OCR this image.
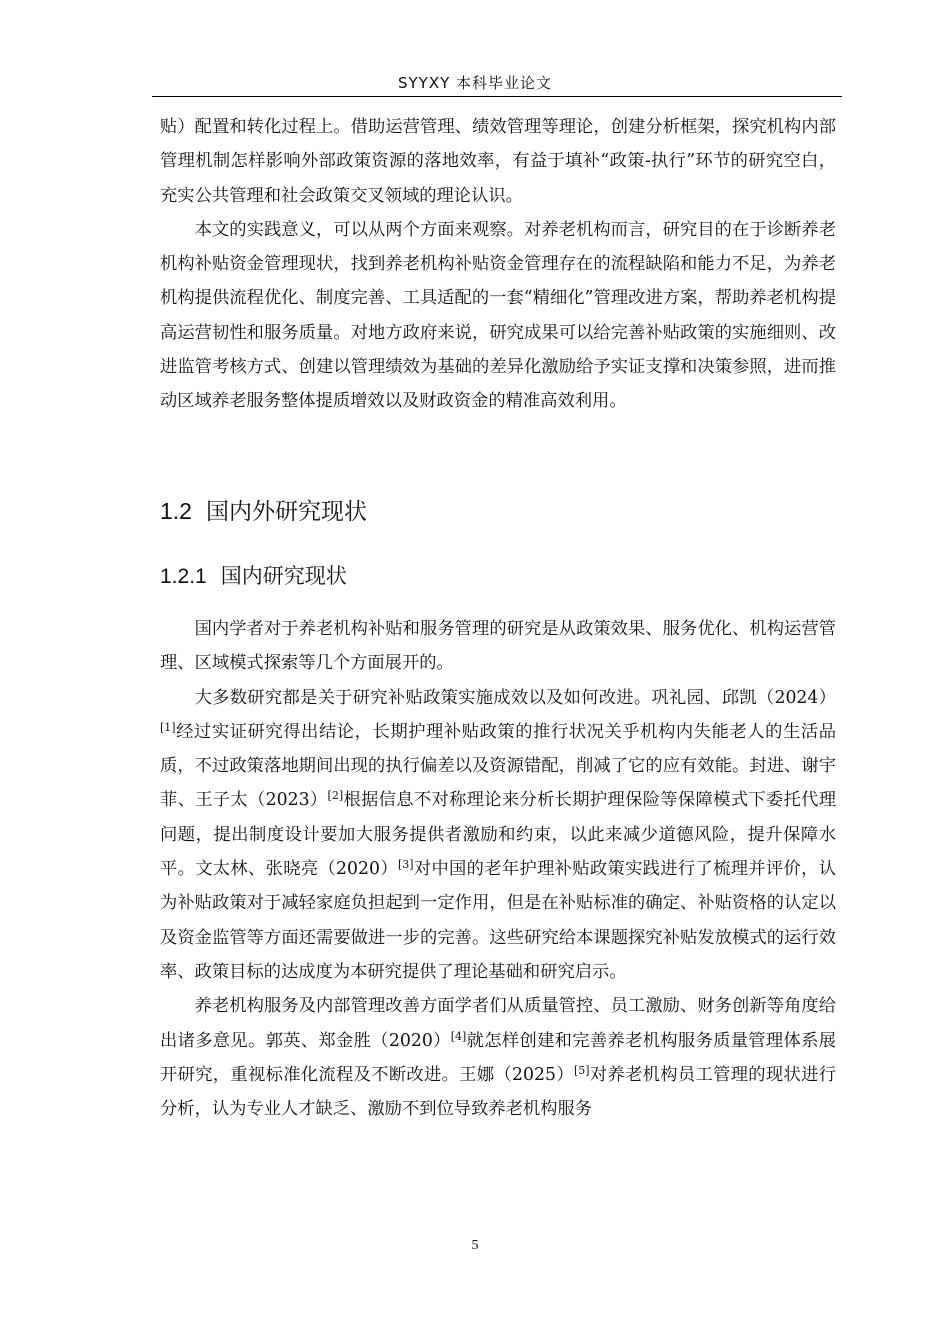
SYYXY 本科毕业论文

贴）配置和转化过程上。借助运营管理、绩效管理等理论，创建分析框架，探究机构内部管理机制怎样影响外部政策资源的落地效率，有益于填补“政策-执行”环节的研究空白，充实公共管理和社会政策交叉领域的理论认识。

本文的实践意义，可以从两个方面来观察。对养老机构而言，研究目的在于诊断养老机构补贴资金管理现状，找到养老机构补贴资金管理存在的流程缺陷和能力不足，为养老机构提供流程优化、制度完善、工具适配的一套“精细化”管理改进方案，帮助养老机构提高运营韧性和服务质量。对地方政府来说，研究成果可以给完善补贴政策的实施细则、改进监管考核方式、创建以管理绩效为基础的差异化激励给予实证支撑和决策参照，进而推动区域养老服务整体提质增效以及财政资金的精准高效利用。

1.2 国内外研究现状
1.2.1 国内研究现状

国内学者对于养老机构补贴和服务管理的研究是从政策效果、服务优化、机构运营管理、区域模式探索等几个方面展开的。

大多数研究都是关于研究补贴政策实施成效以及如何改进。巩礼园、邱凯（2024）[1]经过实证研究得出结论，长期护理补贴政策的推行状况关乎机构内失能老人的生活品质，不过政策落地期间出现的执行偏差以及资源错配，削减了它的应有效能。封进、谢宇菲、王子太（2023）[2]根据信息不对称理论来分析长期护理保险等保障模式下委托代理问题，提出制度设计要加大服务提供者激励和约束，以此来减少道德风险，提升保障水平。文太林、张晓亮（2020）[3]对中国的老年护理补贴政策实践进行了梳理并评价，认为补贴政策对于减轻家庭负担起到一定作用，但是在补贴标准的确定、补贴资格的认定以及资金监管等方面还需要做进一步的完善。这些研究给本课题探究补贴发放模式的运行效率、政策目标的达成度为本研究提供了理论基础和研究启示。

养老机构服务及内部管理改善方面学者们从质量管控、员工激励、财务创新等角度给出诸多意见。郭英、郑金胜（2020）[4]就怎样创建和完善养老机构服务质量管理体系展开研究，重视标准化流程及不断改进。王娜（2025）[5]对养老机构员工管理的现状进行分析，认为专业人才缺乏、激励不到位导致养老机构服务

5
